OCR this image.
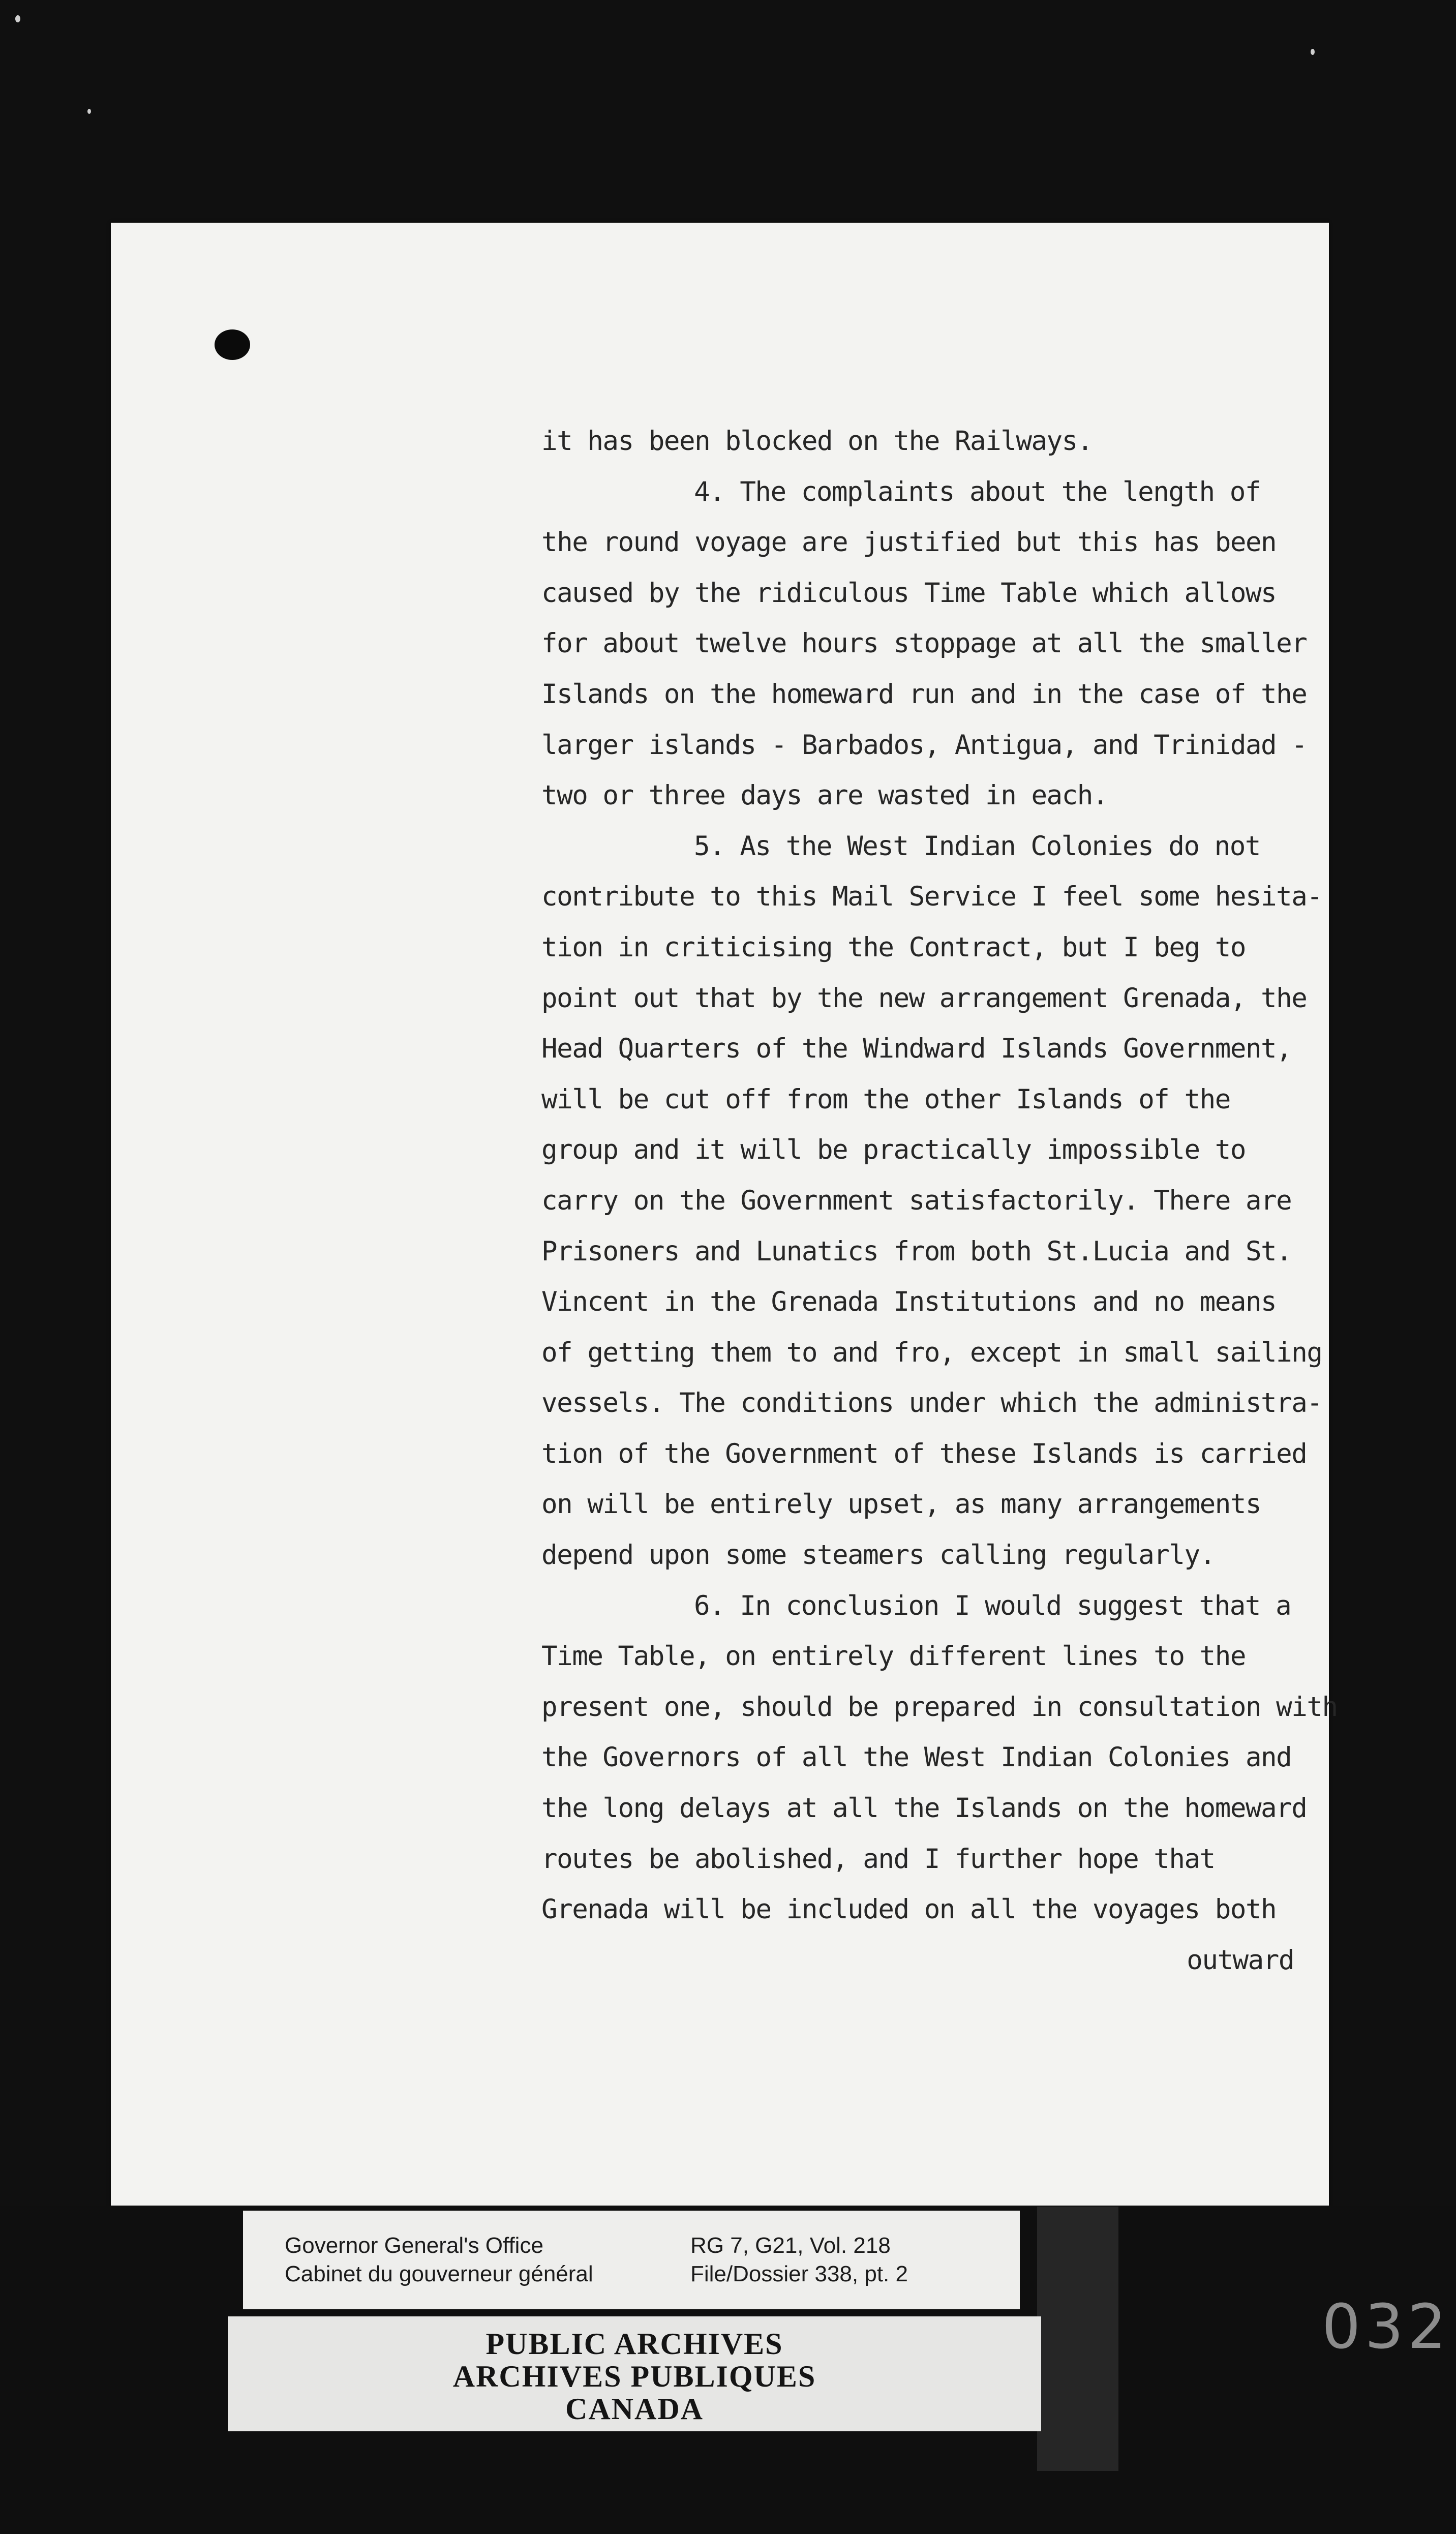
it has been blocked on the Railways.
4. The complaints about the length of
the round voyage are justified but this has been
caused by the ridiculous Time Table which allows
for about twelve hours stoppage at all the smaller
Islands on the homeward run and in the case of the
larger islands - Barbados, Antigua, and Trinidad -
two or three days are wasted in each.
5. As the West Indian Colonies do not
contribute to this Mail Service I feel some hesita-
tion in criticising the Contract, but I beg to
point out that by the new arrangement Grenada, the
Head Quarters of the Windward Islands Government,
will be cut off from the other Islands of the
group and it will be practically impossible to
carry on the Government satisfactorily. There are
Prisoners and Lunatics from both St.Lucia and St.
Vincent in the Grenada Institutions and no means
of getting them to and fro, except in small sailing
vessels. The conditions under which the administra-
tion of the Government of these Islands is carried
on will be entirely upset, as many arrangements
depend upon some steamers calling regularly.
6. In conclusion I would suggest that a
Time Table, on entirely different lines to the
present one, should be prepared in consultation with
the Governors of all the West Indian Colonies and
the long delays at all the Islands on the homeward
routes be abolished, and I further hope that
Grenada will be included on all the voyages both
outward
Governor General's Office
Cabinet du gouverneur général
RG 7, G21, Vol. 218
File/Dossier 338, pt. 2
PUBLIC ARCHIVES
ARCHIVES PUBLIQUES
CANADA
032
